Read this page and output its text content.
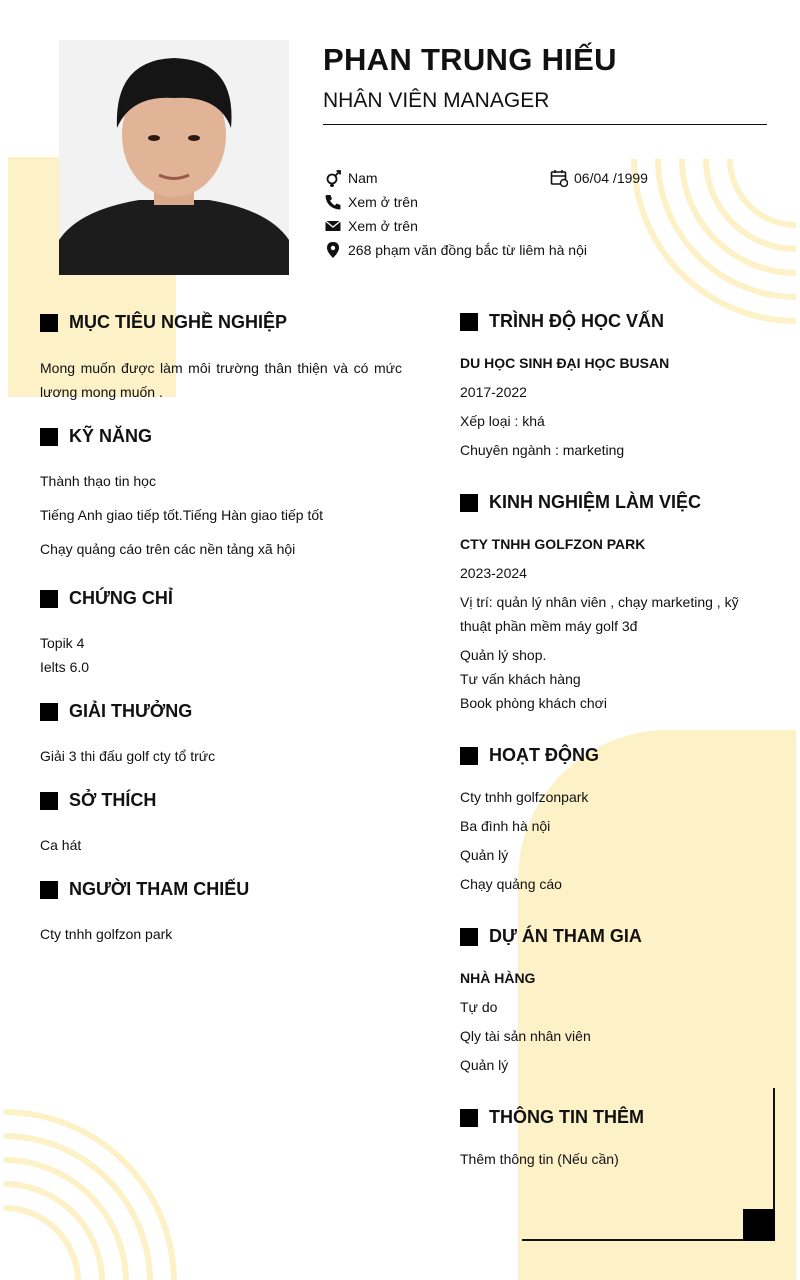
PHAN TRUNG HIẾU
NHÂN VIÊN MANAGER
Nam	06/04 /1999
Xem ở trên
Xem ở trên
268 phạm văn đồng bắc từ liêm hà nội
MỤC TIÊU NGHỀ NGHIỆP
Mong muốn được làm môi trường thân thiện và có mức lương mong muốn .
KỸ NĂNG
Thành thạo tin học
Tiếng Anh giao tiếp tốt.Tiếng Hàn giao tiếp tốt
Chạy quảng cáo trên các nền tảng xã hội
CHỨNG CHỈ
Topik 4
Ielts 6.0
GIẢI THƯỞNG
Giải 3 thi đấu golf cty tổ trức
SỞ THÍCH
Ca hát
NGƯỜI THAM CHIẾU
Cty tnhh golfzon park
TRÌNH ĐỘ HỌC VẤN
DU HỌC SINH ĐẠI HỌC BUSAN
2017-2022
Xếp loại : khá
Chuyên ngành : marketing
KINH NGHIỆM LÀM VIỆC
CTY TNHH GOLFZON PARK
2023-2024
Vị trí: quản lý nhân viên , chạy marketing , kỹ
thuật phần mềm máy golf 3đ
Quản lý shop.
Tư vấn khách hàng
Book phòng khách chơi
HOẠT ĐỘNG
Cty tnhh golfzonpark
Ba đình hà nội
Quản lý
Chạy quảng cáo
DỰ ÁN THAM GIA
NHÀ HÀNG
Tự do
Qly tài sản nhân viên
Quản lý
THÔNG TIN THÊM
Thêm thông tin (Nếu cần)
